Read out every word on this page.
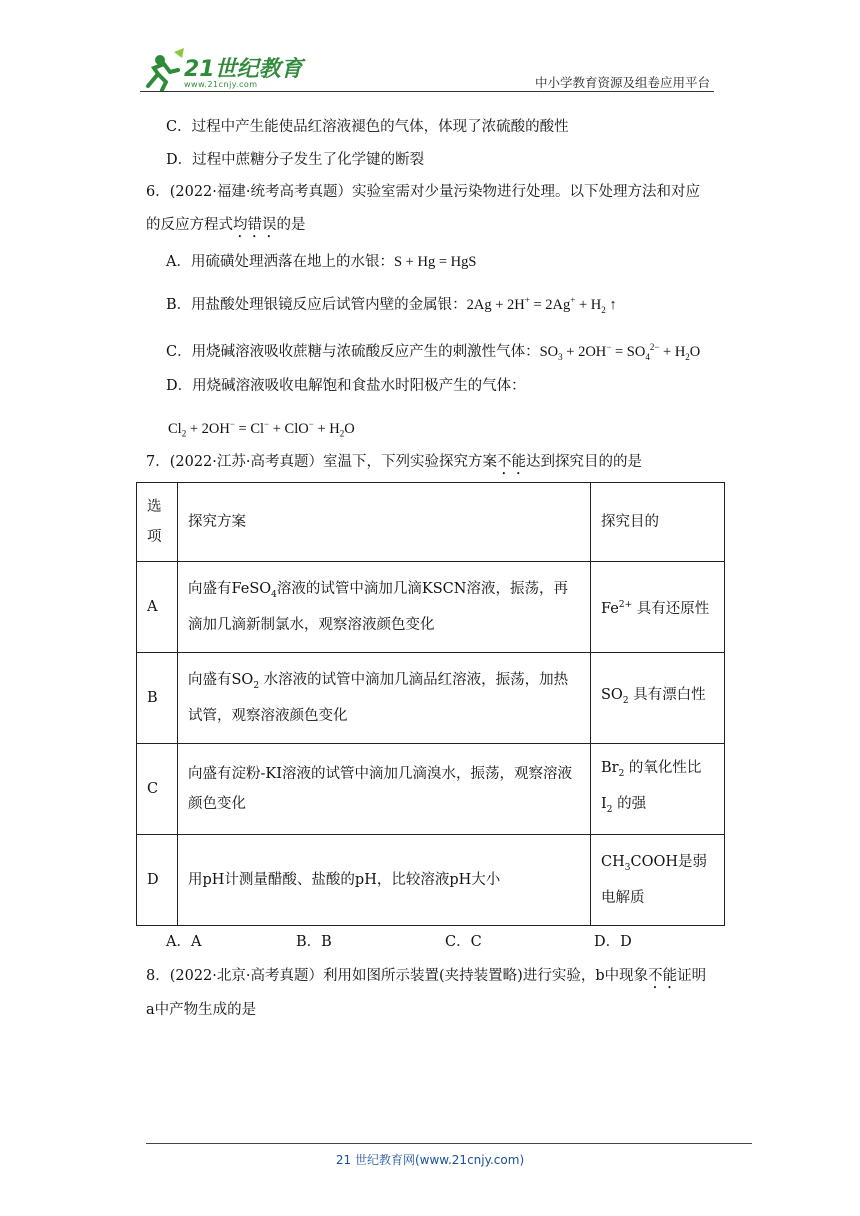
21世纪教育
www.21cnjy.com	中小学教育资源及组卷应用平台
C．过程中产生能使品红溶液褪色的气体，体现了浓硫酸的酸性
D．过程中蔗糖分子发生了化学键的断裂
6．(2022·福建·统考高考真题）实验室需对少量污染物进行处理。以下处理方法和对应
的反应方程式均错误的是
A．用硫磺处理洒落在地上的水银：S + Hg = HgS
B．用盐酸处理银镜反应后试管内壁的金属银：$2Ag + 2H^+ = 2Ag^+ + H_2$ ↑
C．用烧碱溶液吸收蔗糖与浓硫酸反应产生的刺激性气体：$SO_3 + 2OH^- = SO_4^{2-} + H_2O$
D．用烧碱溶液吸收电解饱和食盐水时阳极产生的气体：
$Cl_2 + 2OH^- = Cl^- + ClO^- + H_2O$
7．(2022·江苏·高考真题）室温下，下列实验探究方案不能达到探究目的的是
选项	探究方案	探究目的
A	向盛有FeSO$_4$溶液的试管中滴加几滴KSCN溶液，振荡，再滴加几滴新制氯水，观察溶液颜色变化	$Fe^{2+}$ 具有还原性
B	向盛有$SO_2$ 水溶液的试管中滴加几滴品红溶液，振荡，加热试管，观察溶液颜色变化	$SO_2$ 具有漂白性
C	向盛有淀粉-KI溶液的试管中滴加几滴溴水，振荡，观察溶液颜色变化	$Br_2$ 的氧化性比 $I_2$ 的强
D	用pH计测量醋酸、盐酸的pH，比较溶液pH大小	$CH_3COOH$是弱电解质
A．A	B．B	C．C	D．D
8．(2022·北京·高考真题）利用如图所示装置(夹持装置略)进行实验，b中现象不能证明
a中产物生成的是
21 世纪教育网(www.21cnjy.com)
